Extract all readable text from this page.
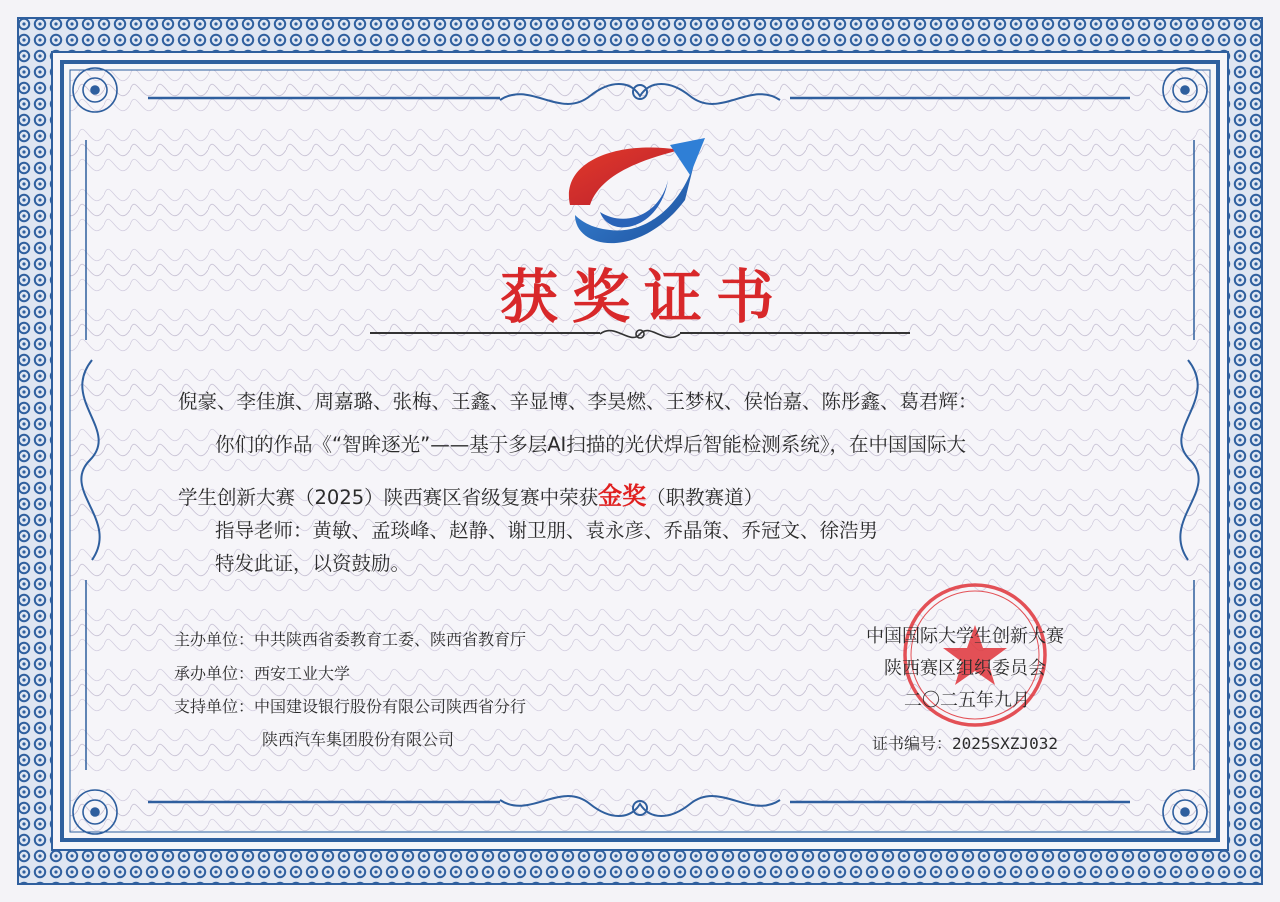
获奖证书
倪豪、李佳旗、周嘉璐、张梅、王鑫、辛显博、李昊燃、王梦权、侯怡嘉、陈彤鑫、葛君辉：
你们的作品《“智眸逐光”——基于多层AI扫描的光伏焊后智能检测系统》，在中国国际大
学生创新大赛（2025）陕西赛区省级复赛中荣获金奖（职教赛道）
指导老师：黄敏、孟琰峰、赵静、谢卫朋、袁永彦、乔晶策、乔冠文、徐浩男
特发此证，以资鼓励。
主办单位：中共陕西省委教育工委、陕西省教育厅
承办单位：西安工业大学
支持单位：中国建设银行股份有限公司陕西省分行
陕西汽车集团股份有限公司
中国国际大学生创新大赛
陕西赛区组织委员会
二〇二五年九月
证书编号：2025SXZJ032
